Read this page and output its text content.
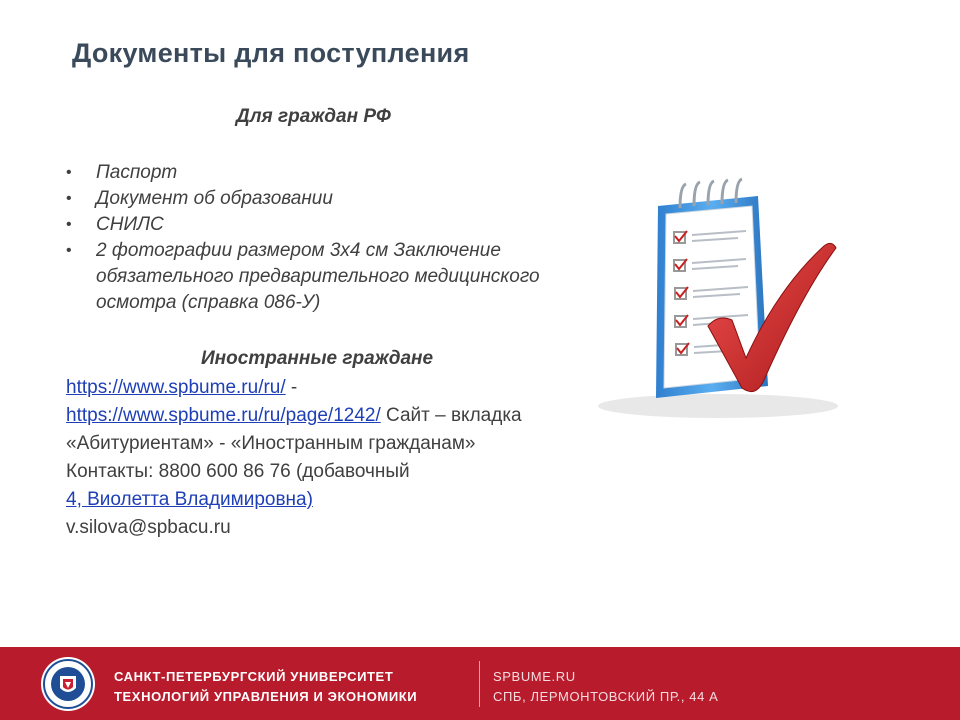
Документы для поступления
Для граждан РФ
• Паспорт
• Документ об образовании
• СНИЛС
• 2 фотографии размером 3х4 см Заключение обязательного предварительного медицинского осмотра (справка 086-У)
Иностранные граждане
https://www.spbume.ru/ru/ -
https://www.spbume.ru/ru/page/1242/ Сайт – вкладка «Абитуриентам» - «Иностранным гражданам»
Контакты: 8800 600 86 76 (добавочный
4, Виолетта Владимировна)
v.silova@spbacu.ru
САНКТ-ПЕТЕРБУРГСКИЙ УНИВЕРСИТЕТ
ТЕХНОЛОГИЙ УПРАВЛЕНИЯ И ЭКОНОМИКИ
SPBUME.RU
СПБ, ЛЕРМОНТОВСКИЙ ПР., 44 А
